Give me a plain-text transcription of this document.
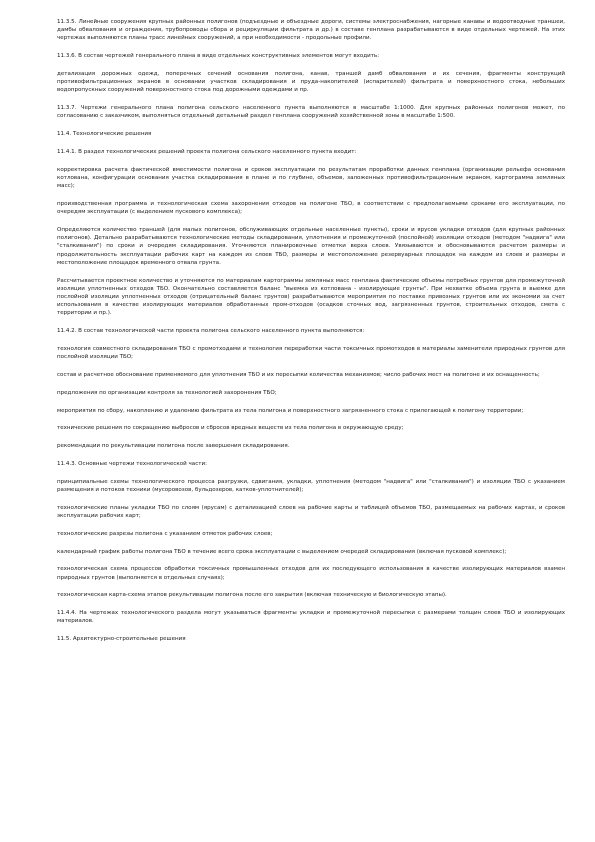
11.3.5. Линейные сооружения крупных районных полигонов (подъездные и объездные дороги, системы электроснабжения, нагорные канавы и водоотводные траншеи, дамбы обвалования и ограждения, трубопроводы сбора и рециркуляции фильтрата и др.) в составе генплана разрабатываются в виде отдельных чертежей. На этих чертежах выполняются планы трасс линейных сооружений, а при необходимости - продольные профили.

11.3.6. В состав чертежей генерального плана в виде отдельных конструктивных элементов могут входить:

детализация дорожных одежд, поперечных сечений основания полигона, канав, траншей дамб обвалования и их сечения, фрагменты конструкций противофильтрационных экранов в основании участков складирования и пруда-накопителей (испарителей) фильтрата и поверхностного стока, небольших водопропускных сооружений поверхностного стока под дорожными одеждами и пр.

11.3.7. Чертежи генерального плана полигона сельского населенного пункта выполняются в масштабе 1:1000. Для крупных районных полигонов может, по согласованию с заказчиком, выполняться отдельный детальный раздел генплана сооружений хозяйственной зоны в масштабе 1:500.

11.4. Технологические решения

11.4.1. В раздел технологических решений проекта полигона сельского населенного пункта входит:

корректировка расчета фактической вместимости полигона и сроков эксплуатации по результатам проработки данных генплана (организации рельефа основания котлована, конфигурации основания участка складирования в плане и по глубине, объемов, заложенных противофильтрационным экраном, картограмма земляных масс);

производственная программа и технологическая схема захоронения отходов на полигоне ТБО, в соответствии с предполагаемыми сроками его эксплуатации, по очередям эксплуатации (с выделением пускового комплекса);

Определяются количество траншей (для малых полигонов, обслуживающих отдельные населенные пункты), сроки и ярусов укладки отходов (для крупных районных полигонов). Детально разрабатываются технологические методы складирования, уплотнения и промежуточной (послойной) изоляции отходов (методом "надвига" или "сталкивания") по сроки и очередям складирования. Уточняются планировочные отметки верха слоев. Увязываются и обосновываются расчетом размеры и продолжительность эксплуатации рабочих карт на каждом из слоев ТБО, размеры и местоположение резервуарных площадок на каждом из слоев и размеры и местоположение площадок временного отвала грунта.

Рассчитывается проектное количество и уточняются по материалам картограммы земляных масс генплана фактические объемы потребных грунтов для промежуточной изоляции уплотненных отходов ТБО. Окончательно составляется баланс "выемка из котлована - изолирующие грунты". При нехватке объема грунта в выемке для послойной изоляции уплотненных отходов (отрицательный баланс грунтов) разрабатываются мероприятия по поставке привозных грунтов или их экономии за счет использования в качестве изолирующих материалов обработанных пром-отходов (осадков сточных вод, загрязненных грунтов, строительных отходов, смета с территории и пр.).

11.4.2. В состав технологической части проекта полигона сельского населенного пункта выполняются:

технология совместного складирования ТБО с промотходами и технология переработки части токсичных промотходов в материалы заменители природных грунтов для послойной изоляции ТБО;

состав и расчетное обоснование применяемого для уплотнения ТБО и их пересыпки количества механизмов; число рабочих мест на полигоне и их оснащенность;

предложения по организации контроля за технологией захоронения ТБО;

мероприятия по сбору, накоплению и удалению фильтрата из тела полигона и поверхностного загрязненного стока с прилегающей к полигону территории;

технические решения по сокращению выбросов и сбросов вредных веществ из тела полигона в окружающую среду;

рекомендации по рекультивации полигона после завершения складирования.

11.4.3. Основные чертежи технологической части:

принципиальные схемы технологического процесса разгрузки, сдвигания, укладки, уплотнения (методом "надвига" или "сталкивания") и изоляции ТБО с указанием размещения и потоков техники (мусоровозов, бульдозеров, катков-уплотнителей);

технологические планы укладки ТБО по слоям (ярусам) с детализацией слоев на рабочие карты и таблицей объемов ТБО, размещаемых на рабочих картах, и сроков эксплуатации рабочих карт;

технологические разрезы полигона с указанием отметок рабочих слоев;

календарный график работы полигона ТБО в течение всего срока эксплуатации с выделением очередей складирования (включая пусковой комплекс);

технологическая схема процессов обработки токсичных промышленных отходов для их последующего использования в качестве изолирующих материалов взамен природных грунтов (выполняется в отдельных случаях);

технологическая карта-схема этапов рекультивации полигона после его закрытия (включая техническую и биологическую этапы).

11.4.4. На чертежах технологического раздела могут указываться фрагменты укладки и промежуточной пересыпки с размерами толщин слоев ТБО и изолирующих материалов.

11.5. Архитектурно-строительные решения
